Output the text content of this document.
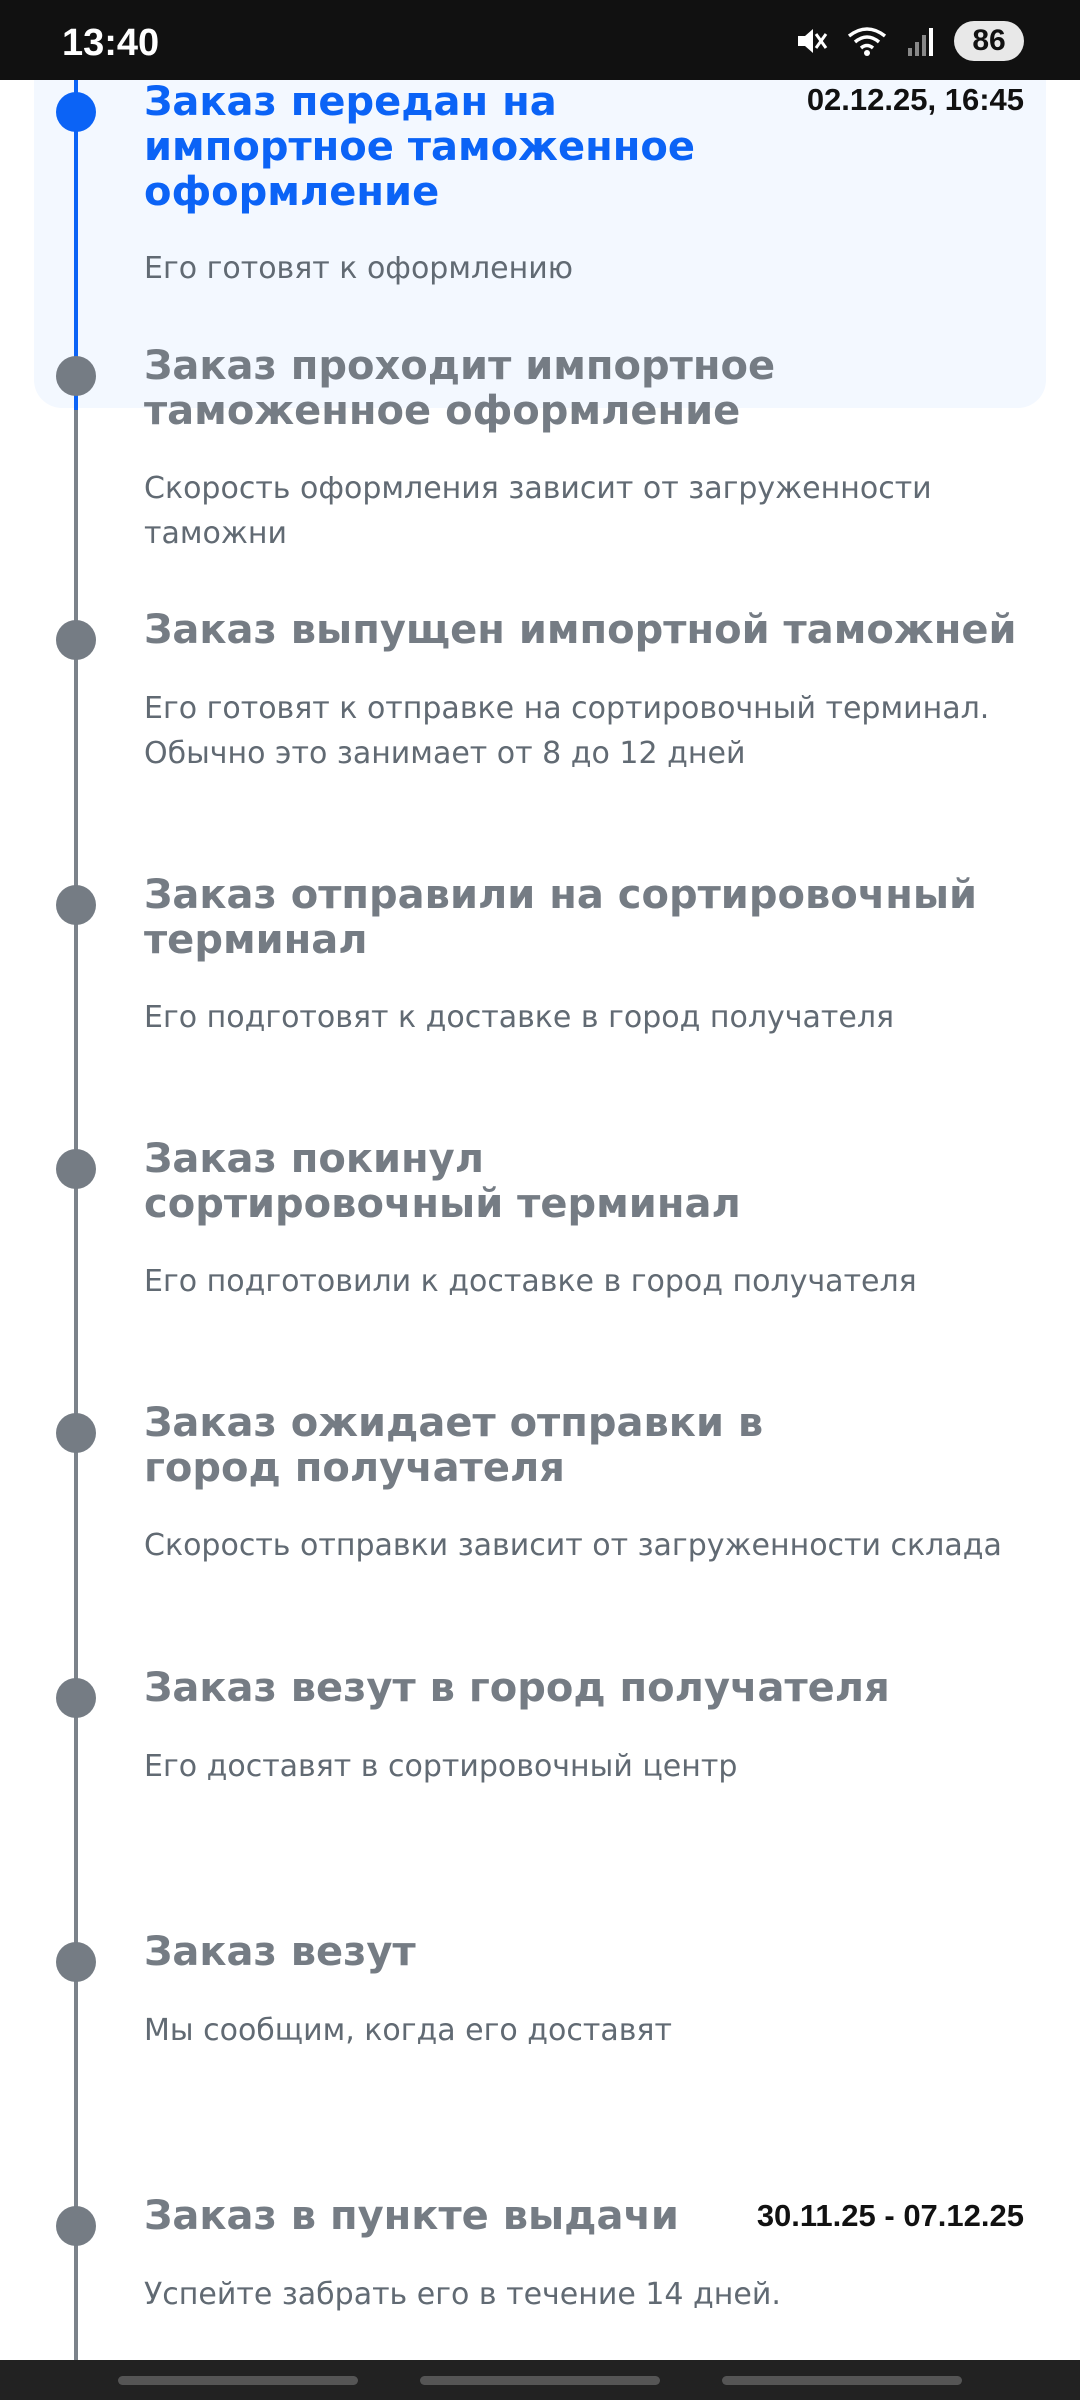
13:40	86
Заказ передан на импортное таможенное оформление
02.12.25, 16:45
Его готовят к оформлению
Заказ проходит импортное таможенное оформление
Скорость оформления зависит от загруженности таможни
Заказ выпущен импортной таможней
Его готовят к отправке на сортировочный терминал. Обычно это занимает от 8 до 12 дней
Заказ отправили на сортировочный терминал
Его подготовят к доставке в город получателя
Заказ покинул сортировочный терминал
Его подготовили к доставке в город получателя
Заказ ожидает отправки в город получателя
Скорость отправки зависит от загруженности склада
Заказ везут в город получателя
Его доставят в сортировочный центр
Заказ везут
Мы сообщим, когда его доставят
Заказ в пункте выдачи	30.11.25 - 07.12.25
Успейте забрать его в течение 14 дней.
